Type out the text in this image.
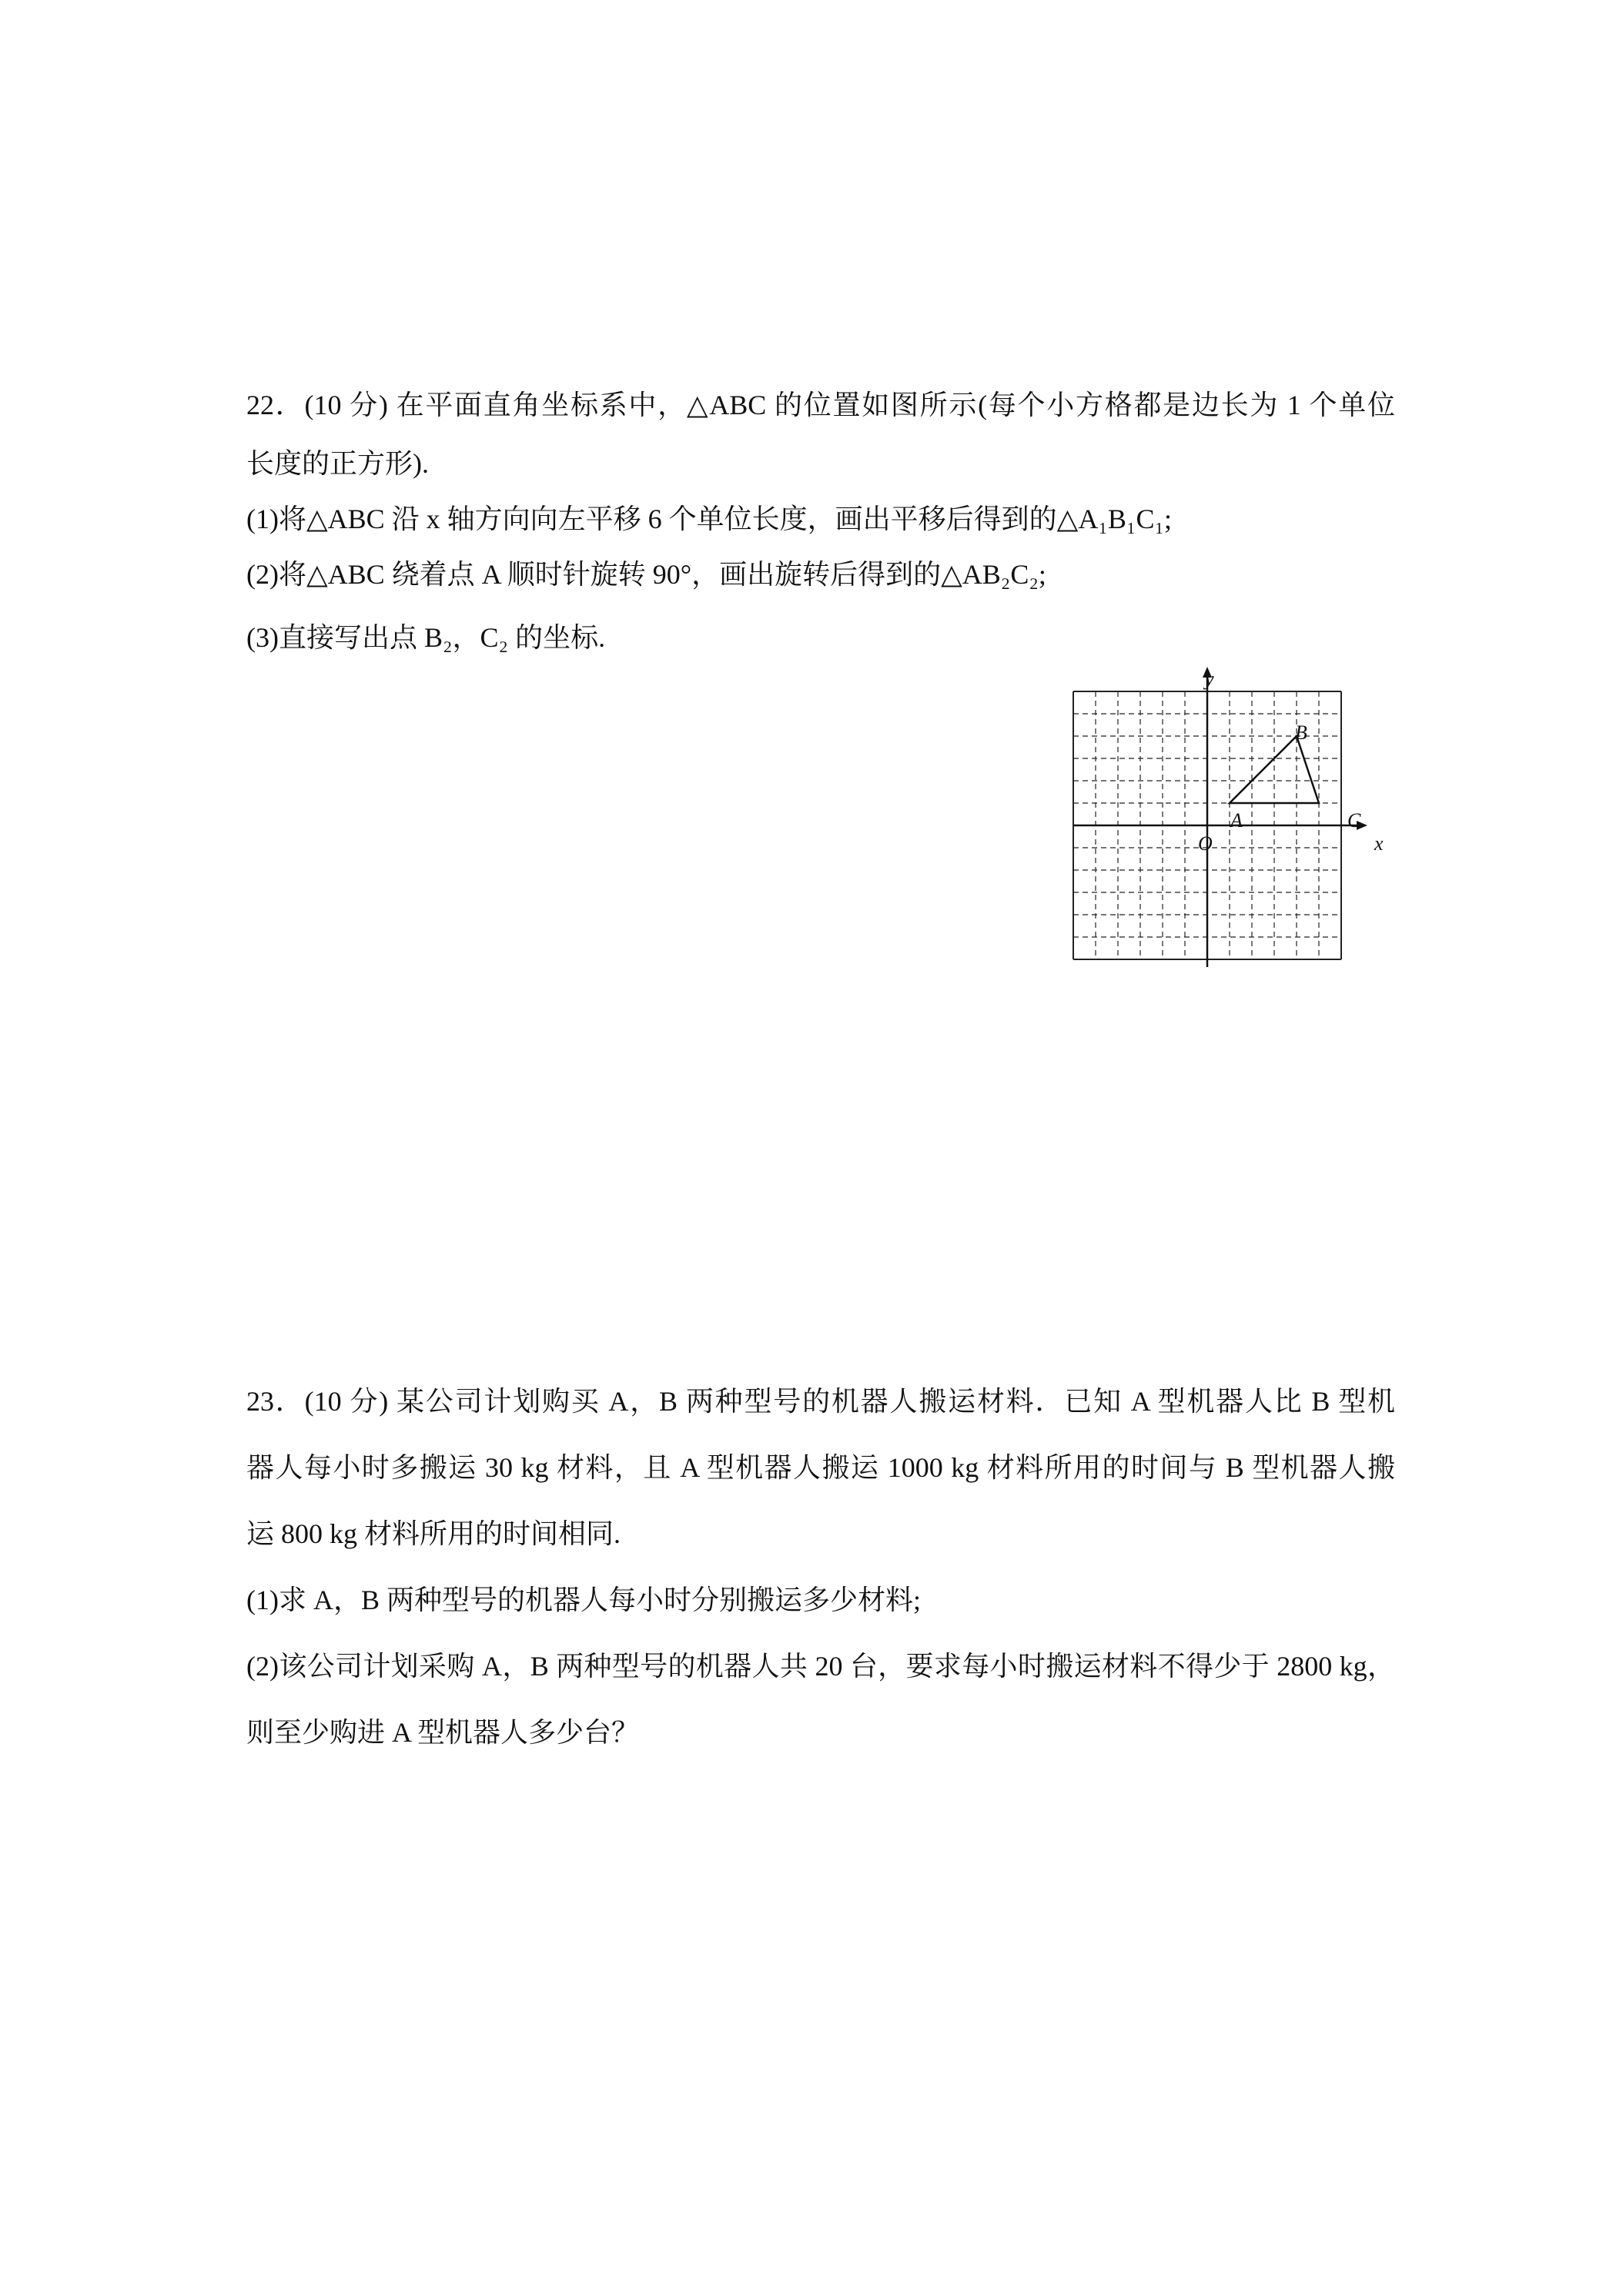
22．(10 分) 在平面直角坐标系中，△ABC 的位置如图所示(每个小方格都是边长为 1 个单位
长度的正方形).
(1)将△ABC 沿 x 轴方向向左平移 6 个单位长度，画出平移后得到的△A₁B₁C₁;
(2)将△ABC 绕着点 A 顺时针旋转 90°，画出旋转后得到的△AB₂C₂;
(3)直接写出点 B₂，C₂ 的坐标.
y
x
O
A
B
C
23．(10 分) 某公司计划购买 A，B 两种型号的机器人搬运材料．已知 A 型机器人比 B 型机
器人每小时多搬运 30 kg 材料，且 A 型机器人搬运 1000 kg 材料所用的时间与 B 型机器人搬
运 800 kg 材料所用的时间相同.
(1)求 A，B 两种型号的机器人每小时分别搬运多少材料;
(2)该公司计划采购 A，B 两种型号的机器人共 20 台，要求每小时搬运材料不得少于 2800 kg，
则至少购进 A 型机器人多少台？
